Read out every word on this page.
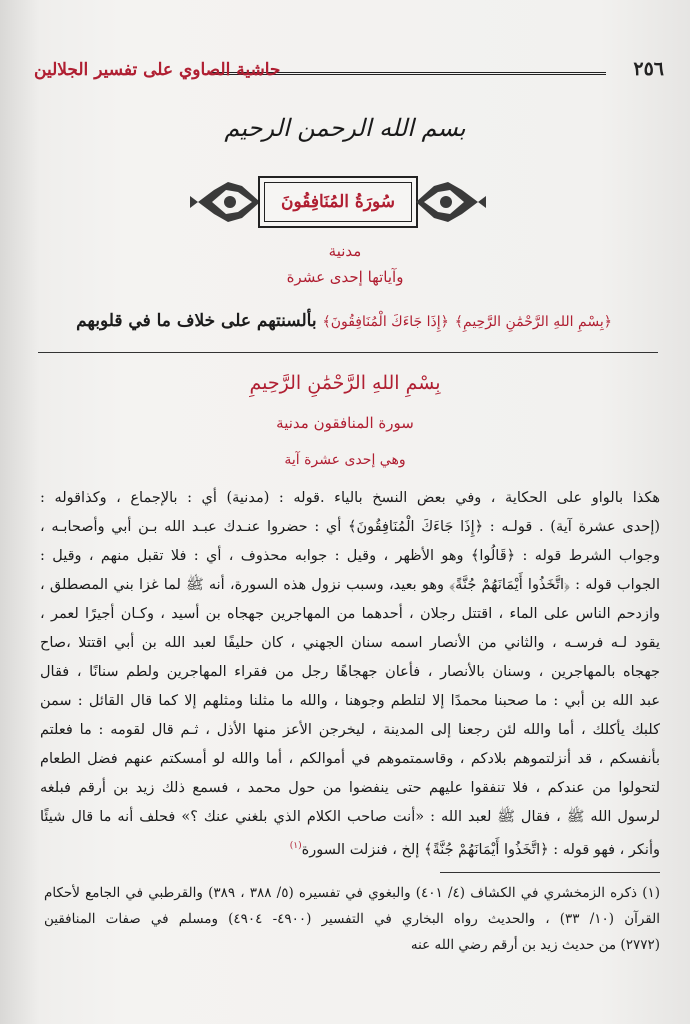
٢٥٦
حاشية الصاوي على تفسير الجلالين
بسم الله الرحمن الرحيم
سُورَةُ المُنَافِقُونَ
مدنية
وآياتها إحدى عشرة
﴿بِسْمِ اللهِ الرَّحْمَٰنِ الرَّحِيمِ﴾ ﴿إِذَا جَاءَكَ الْمُنَافِقُونَ﴾ بألسنتهم على خلاف ما في قلوبهم
بِسْمِ اللهِ الرَّحْمَٰنِ الرَّحِيمِ
سورة المنافقون مدنية
وهي إحدى عشرة آية
هكذا بالواو على الحكاية ، وفي بعض النسخ بالياء .قوله : (مدنية) أي : بالإجماع ، وكذاقوله :
(إحدى عشرة آية) . قولـه : ﴿إِذَا جَاءَكَ الْمُنَافِقُونَ﴾ أي : حضروا عنـدك عبـد الله بـن أبي وأصحابـه ،
وجواب الشرط قوله : ﴿قَالُوا﴾ وهو الأظهر ، وقيل : جوابه محذوف ، أي : فلا تقبل منهم ، وقيل :
الجواب قوله : ﴿اتَّخَذُوا أَيْمَانَهُمْ جُنَّةً﴾ وهو بعيد، وسبب نزول هذه السورة، أنه ﷺ لما غزا بني المصطلق ،
وازدحم الناس على الماء ، اقتتل رجلان ، أحدهما من المهاجرين جهجاه بن أسيد ، وكـان أجيرًا لعمر ،
يقود لـه فرسـه ، والثاني من الأنصار اسمه سنان الجهني ، كان حليفًا لعبد الله بن أبي اقتتلا ،صاح
جهجاه بالمهاجرين ، وسنان بالأنصار ، فأعان جهجاهًا رجل من فقراء المهاجرين ولطم سنانًا ، فقال
عبد الله بن أبي : ما صحبنا محمدًا إلا لتلطم وجوهنا ، والله ما مثلنا ومثلهم إلا كما قال القائل : سمن
كلبك يأكلك ، أما والله لئن رجعنا إلى المدينة ، ليخرجن الأعز منها الأذل ، ثـم قال لقومه : ما فعلتم
بأنفسكم ، قد أنزلتموهم بلادكم ، وقاسمتموهم في أموالكم ، أما والله لو أمسكتم عنهم فضل الطعام
لتحولوا من عندكم ، فلا تنفقوا عليهم حتى ينفضوا من حول محمد ، فسمع ذلك زيد بن أرقم فبلغه
لرسول الله ﷺ ، فقال ﷺ لعبد الله : «أنت صاحب الكلام الذي بلغني عنك ؟» فحلف أنه ما قال شيئًا
وأنكر ، فهو قوله : ﴿اتَّخَذُوا أَيْمَانَهُمْ جُنَّةً﴾ إلخ ، فنزلت السورة$^{(١)}$
(١) ذكره الزمخشري في الكشاف (٤/ ٤٠١) والبغوي في تفسيره (٥/ ٣٨٨ ، ٣٨٩) والقرطبي في الجامع لأحكام
القرآن (١٠/ ٣٣) ، والحديث رواه البخاري في التفسير (٤٩٠٠- ٤٩٠٤) ومسلم في صفات المنافقين
(٢٧٧٢) من حديث زيد بن أرقم رضي الله عنه
